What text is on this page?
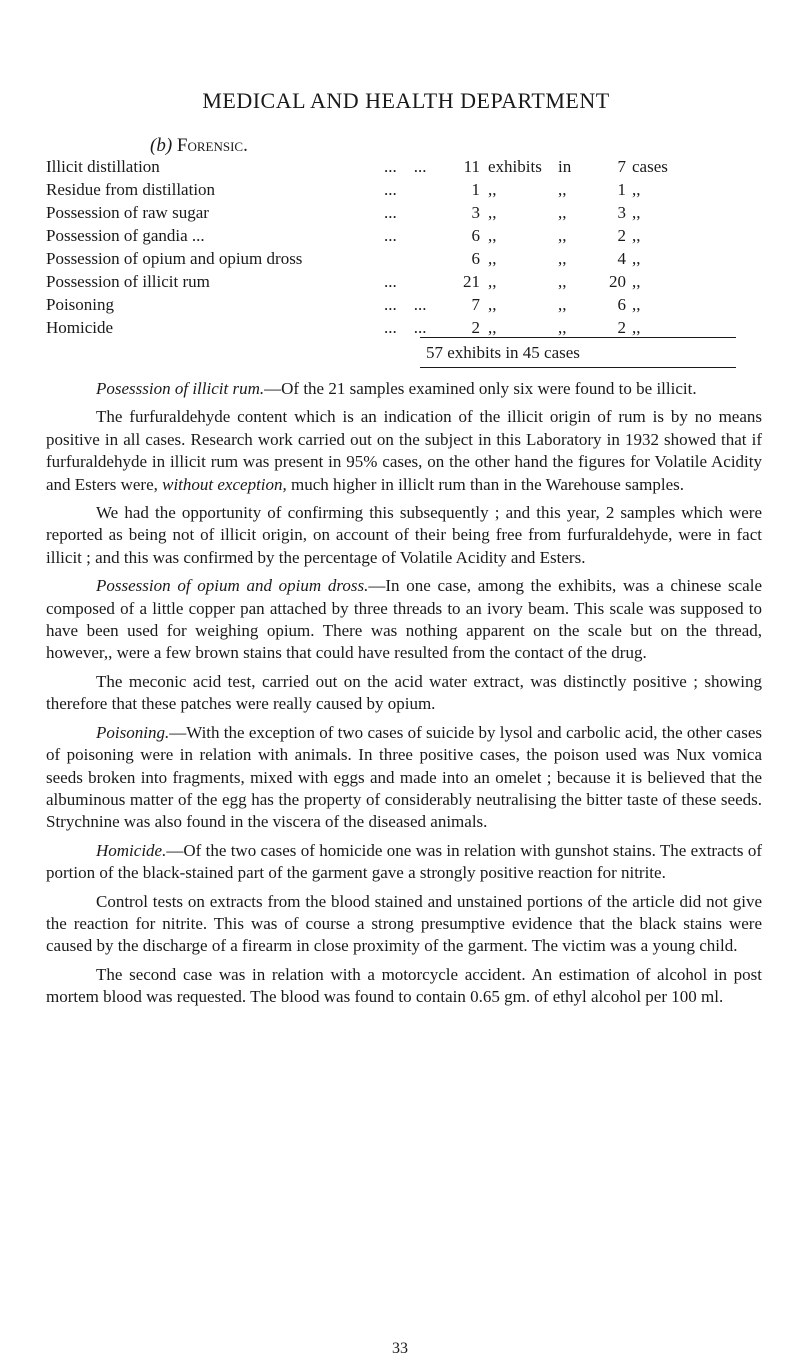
MEDICAL AND HEALTH DEPARTMENT
(b) Forensic.
Illicit distillation	... ...	11	exhibits	in	7	cases
Residue from distillation	...	1	,,	,,	1	,,
Possession of raw sugar	...	3	,,	,,	3	,,
Possession of gandia ...	...	6	,,	,,	2	,,
Possession of opium and opium dross		6	,,	,,	4	,,
Possession of illicit rum	...	21	,,	,,	20	,,
Poisoning	... ...	7	,,	,,	6	,,
Homicide	... ...	2	,,	,,	2	,,
57 exhibits in 45 cases

Posesssion of illicit rum.—Of the 21 samples examined only six were found to be illicit.

The furfuraldehyde content which is an indication of the illicit origin of rum is by no means positive in all cases. Research work carried out on the subject in this Laboratory in 1932 showed that if furfuraldehyde in illicit rum was present in 95% cases, on the other hand the figures for Volatile Acidity and Esters were, without exception, much higher in illiclt rum than in the Warehouse samples.

We had the opportunity of confirming this subsequently ; and this year, 2 samples which were reported as being not of illicit origin, on account of their being free from furfuraldehyde, were in fact illicit ; and this was confirmed by the percentage of Volatile Acidity and Esters.

Possession of opium and opium dross.—In one case, among the exhibits, was a chinese scale composed of a little copper pan attached by three threads to an ivory beam. This scale was supposed to have been used for weighing opium. There was nothing apparent on the scale but on the thread, however,, were a few brown stains that could have resulted from the contact of the drug.

The meconic acid test, carried out on the acid water extract, was distinctly positive ; showing therefore that these patches were really caused by opium.

Poisoning.—With the exception of two cases of suicide by lysol and carbolic acid, the other cases of poisoning were in relation with animals. In three positive cases, the poison used was Nux vomica seeds broken into fragments, mixed with eggs and made into an omelet ; because it is believed that the albuminous matter of the egg has the property of considerably neutralising the bitter taste of these seeds. Strychnine was also found in the viscera of the diseased animals.

Homicide.—Of the two cases of homicide one was in relation with gunshot stains. The extracts of portion of the black-stained part of the garment gave a strongly positive reaction for nitrite.

Control tests on extracts from the blood stained and unstained portions of the article did not give the reaction for nitrite. This was of course a strong presumptive evidence that the black stains were caused by the discharge of a firearm in close proximity of the garment. The victim was a young child.

The second case was in relation with a motorcycle accident. An estimation of alcohol in post mortem blood was requested. The blood was found to contain 0.65 gm. of ethyl alcohol per 100 ml.

33
